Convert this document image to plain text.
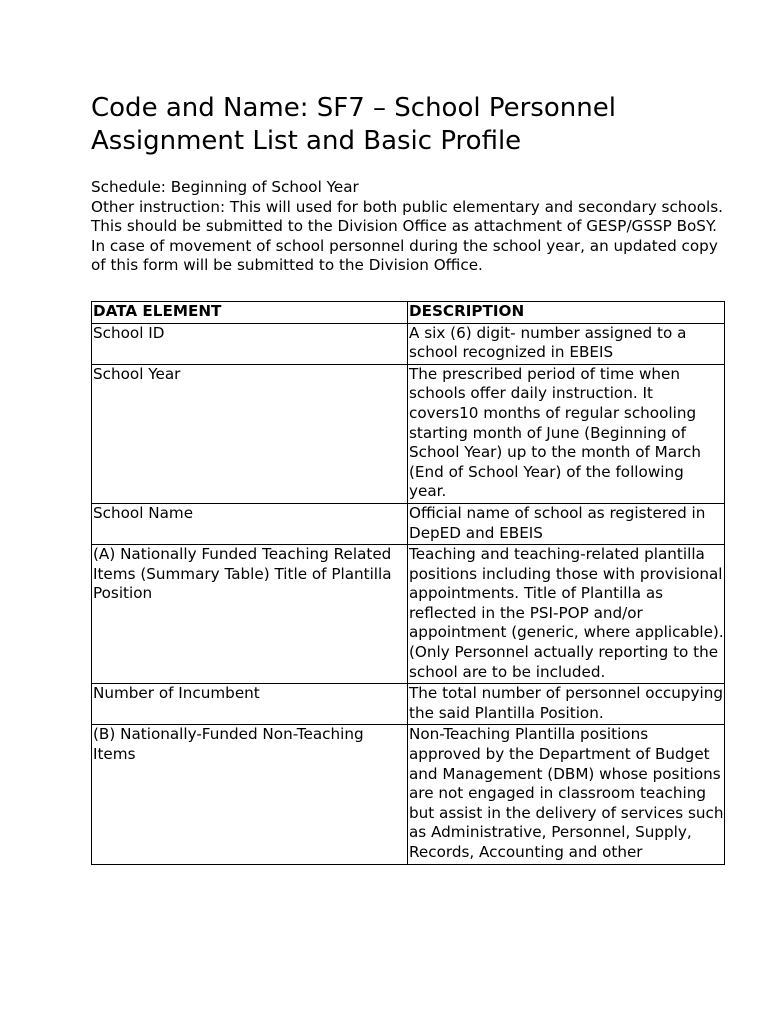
Code and Name: SF7 – School Personnel Assignment List and Basic Profile

Schedule: Beginning of School Year

Other instruction: This will used for both public elementary and secondary schools. This should be submitted to the Division Office as attachment of GESP/GSSP BoSY. In case of movement of school personnel during the school year, an updated copy of this form will be submitted to the Division Office.

DATA ELEMENT	DESCRIPTION
School ID	A six (6) digit- number assigned to a school recognized in EBEIS
School Year	The prescribed period of time when schools offer daily instruction. It covers10 months of regular schooling starting month of June (Beginning of School Year) up to the month of March (End of School Year) of the following year.
School Name	Official name of school as registered in DepED and EBEIS
(A) Nationally Funded Teaching Related Items (Summary Table) Title of Plantilla Position	Teaching and teaching-related plantilla positions including those with provisional appointments. Title of Plantilla as reflected in the PSI-POP and/or appointment (generic, where applicable). (Only Personnel actually reporting to the school are to be included.
Number of Incumbent	The total number of personnel occupying the said Plantilla Position.
(B) Nationally-Funded Non-Teaching Items	Non-Teaching Plantilla positions approved by the Department of Budget and Management (DBM) whose positions are not engaged in classroom teaching but assist in the delivery of services such as Administrative, Personnel, Supply, Records, Accounting and other
